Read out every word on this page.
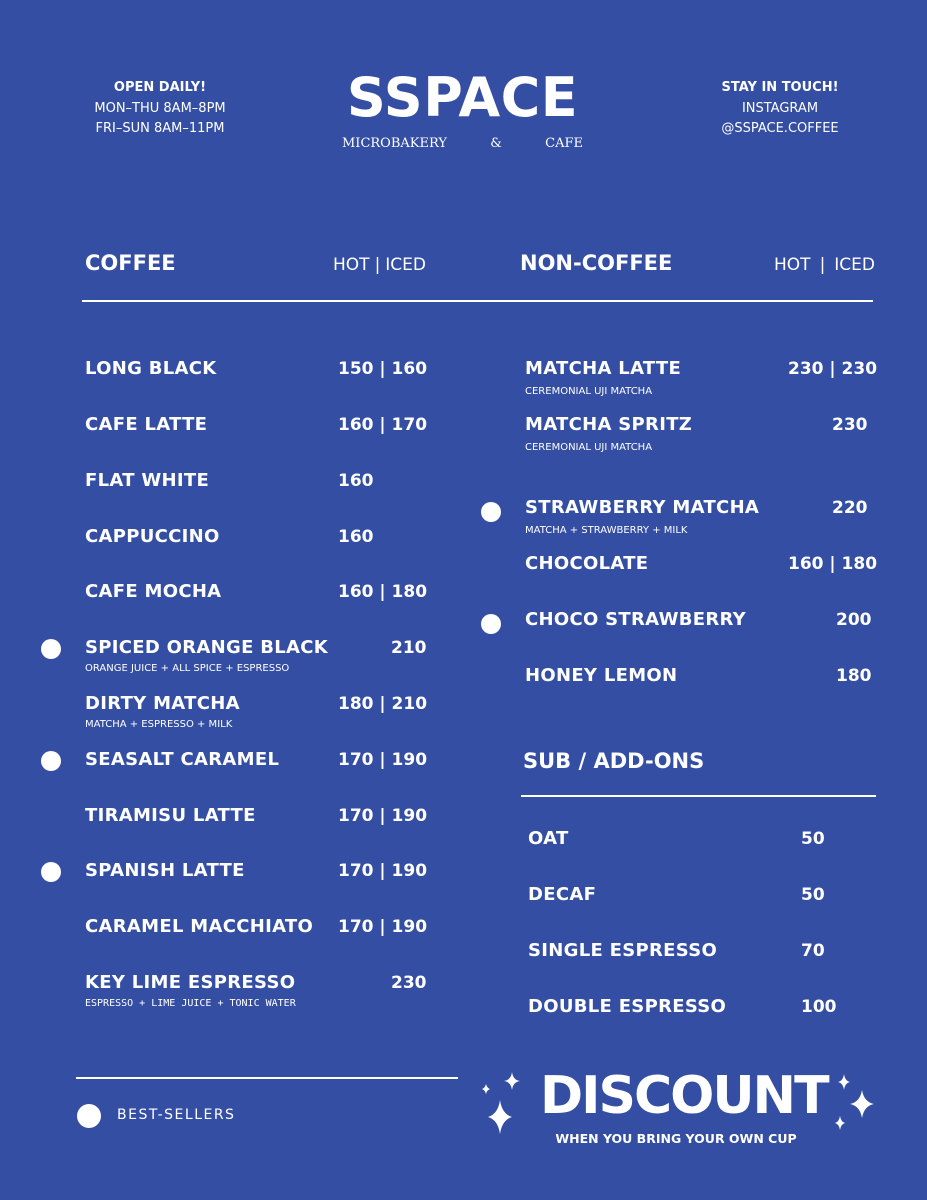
OPEN DAILY!
MON–THU 8AM–8PM
FRI–SUN 8AM–11PM	SSPACE
MICROBAKERY	&	CAFE
STAY IN TOUCH!
INSTAGRAM
@SSPACE.COFFEE
COFFEE	HOT | ICED	NON-COFFEE	HOT | ICED
LONG BLACK	150 | 160
CAFE LATTE	160 | 170
FLAT WHITE	160
CAPPUCCINO	160
CAFE MOCHA	160 | 180
SPICED ORANGE BLACK	210
ORANGE JUICE + ALL SPICE + ESPRESSO
DIRTY MATCHA	180 | 210
MATCHA + ESPRESSO + MILK
SEASALT CARAMEL	170 | 190
TIRAMISU LATTE	170 | 190
SPANISH LATTE	170 | 190
CARAMEL MACCHIATO 170 | 190
KEY LIME ESPRESSO	230
ESPRESSO + LIME JUICE + TONIC WATER
MATCHA LATTE	230 | 230
CEREMONIAL UJI MATCHA
MATCHA SPRITZ	230
CEREMONIAL UJI MATCHA
STRAWBERRY MATCHA	220
MATCHA + STRAWBERRY + MILK
CHOCOLATE	160 | 180
CHOCO STRAWBERRY	200
HONEY LEMON	180
SUB / ADD-ONS
OAT	50
DECAF	50
SINGLE ESPRESSO	70
DOUBLE ESPRESSO	100
BEST-SELLERS	DISCOUNT
WHEN YOU BRING YOUR OWN CUP
